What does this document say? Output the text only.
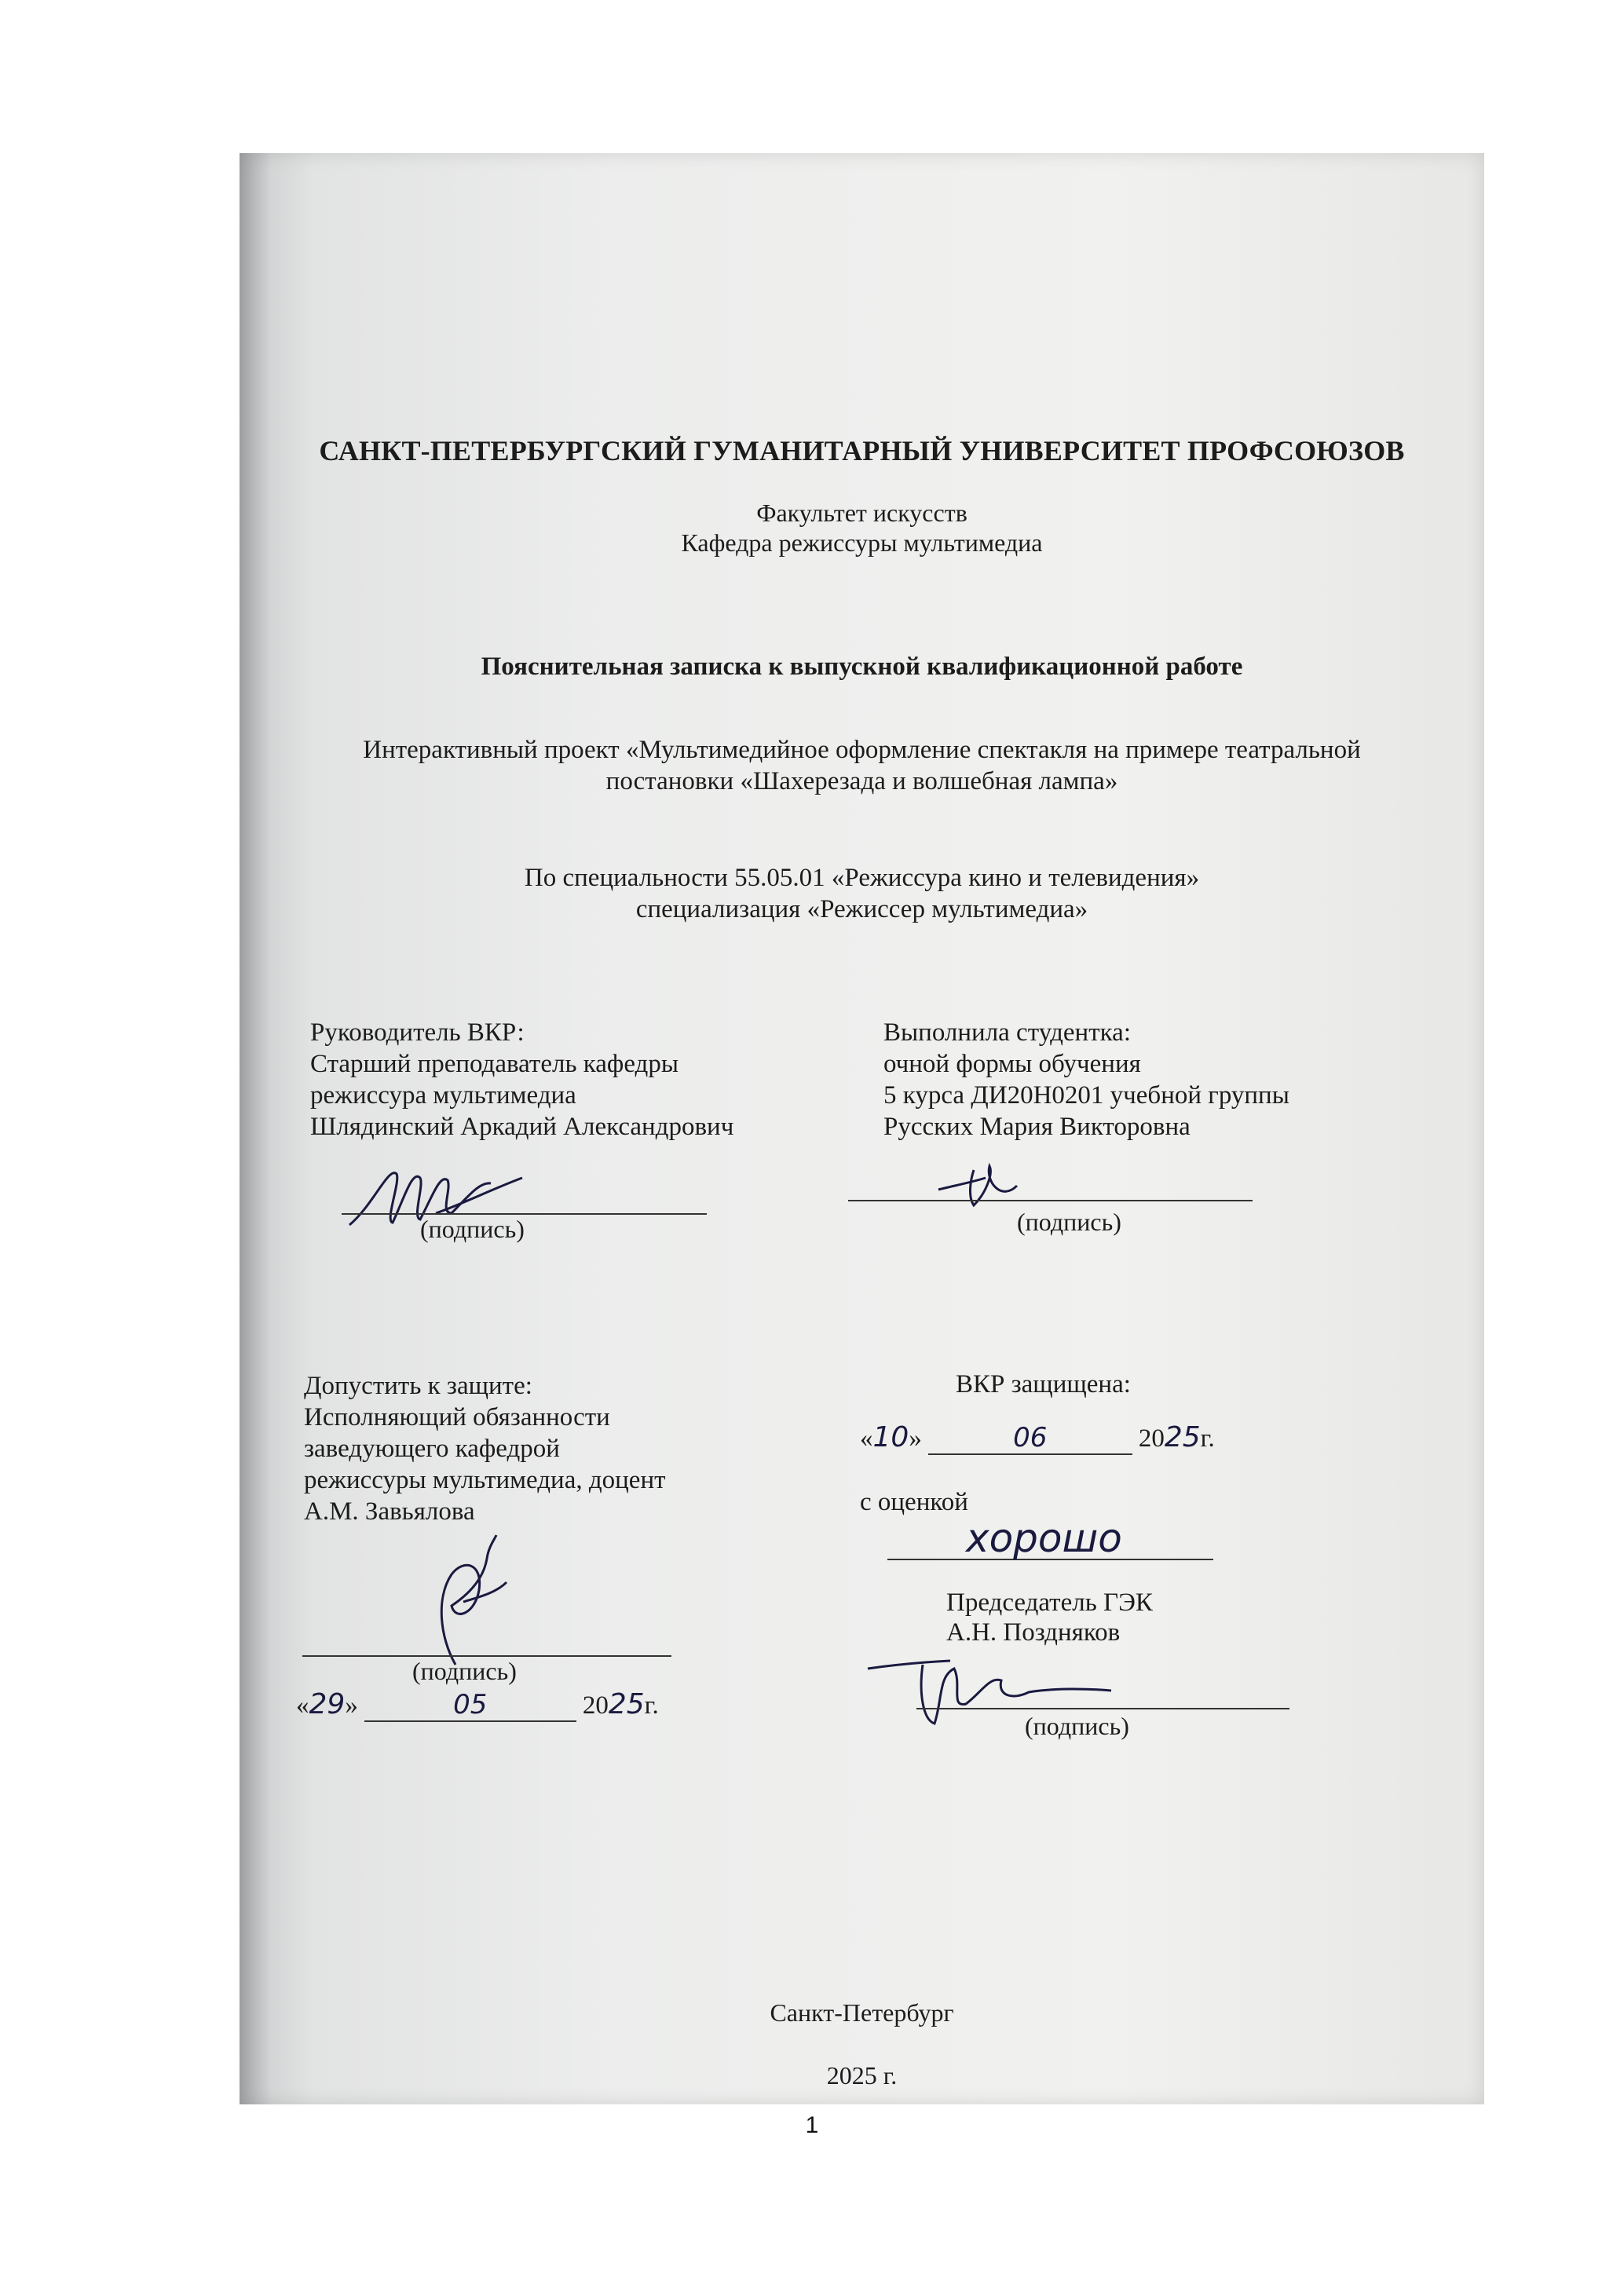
САНКТ-ПЕТЕРБУРГСКИЙ ГУМАНИТАРНЫЙ УНИВЕРСИТЕТ ПРОФСОЮЗОВ
Факультет искусств
Кафедра режиссуры мультимедиа
Пояснительная записка к выпускной квалификационной работе
Интерактивный проект «Мультимедийное оформление спектакля на примере театральной
постановки «Шахерезада и волшебная лампа»
По специальности 55.05.01 «Режиссура кино и телевидения»
специализация «Режиссер мультимедиа»
Руководитель ВКР:
Старший преподаватель кафедры
режиссура мультимедиа
Шлядинский Аркадий Александрович
(подпись)
Выполнила студентка:
очной формы обучения
5 курса ДИ20Н0201 учебной группы
Русских Мария Викторовна
(подпись)
Допустить к защите:
Исполняющий обязанности
заведующего кафедрой
режиссуры мультимедиа, доцент
А.М. Завьялова
(подпись)
«29»	05	2025г.
ВКР защищена:
«10»	06	2025г.
с оценкой
хорошо
Председатель ГЭК
А.Н. Поздняков
(подпись)
Санкт-Петербург
2025 г.
1
